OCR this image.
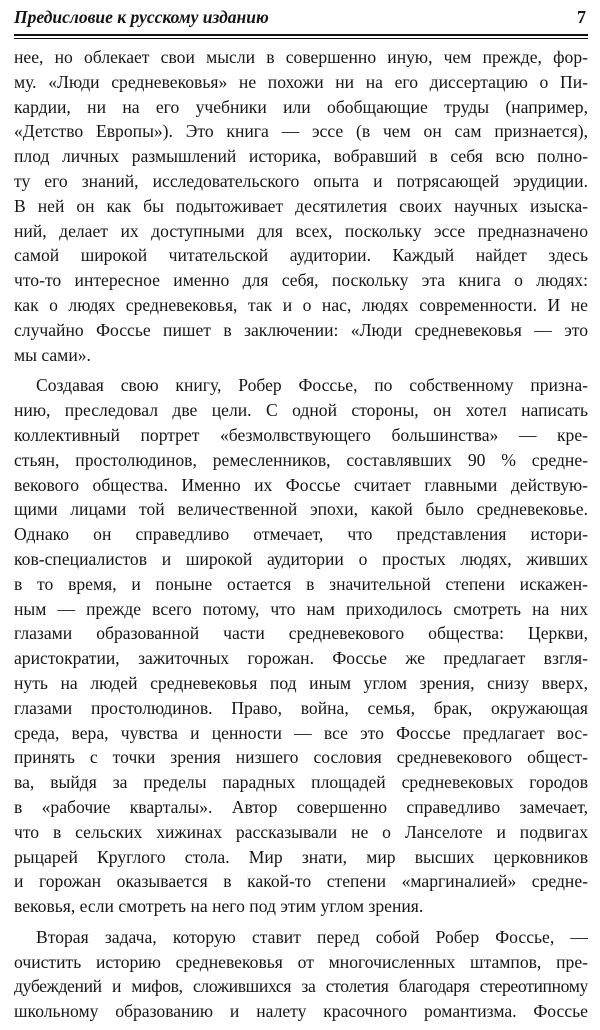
Предисловие к русскому изданию	7
нее, но облекает свои мысли в совершенно иную, чем прежде, фор-
му. «Люди средневековья» не похожи ни на его диссертацию о Пи-
кардии, ни на его учебники или обобщающие труды (например,
«Детство Европы»). Это книга — эссе (в чем он сам признается),
плод личных размышлений историка, вобравший в себя всю полно-
ту его знаний, исследовательского опыта и потрясающей эрудиции.
В ней он как бы подытоживает десятилетия своих научных изыска-
ний, делает их доступными для всех, поскольку эссе предназначено
самой широкой читательской аудитории. Каждый найдет здесь
что-то интересное именно для себя, поскольку эта книга о людях:
как о людях средневековья, так и о нас, людях современности. И не
случайно Фоссье пишет в заключении: «Люди средневековья — это
мы сами».
Создавая свою книгу, Робер Фоссье, по собственному призна-
нию, преследовал две цели. С одной стороны, он хотел написать
коллективный портрет «безмолвствующего большинства» — кре-
стьян, простолюдинов, ремесленников, составлявших 90 % средне-
векового общества. Именно их Фоссье считает главными действую-
щими лицами той величественной эпохи, какой было средневековье.
Однако он справедливо отмечает, что представления истори-
ков-специалистов и широкой аудитории о простых людях, живших
в то время, и поныне остается в значительной степени искажен-
ным — прежде всего потому, что нам приходилось смотреть на них
глазами образованной части средневекового общества: Церкви,
аристократии, зажиточных горожан. Фоссье же предлагает взгля-
нуть на людей средневековья под иным углом зрения, снизу вверх,
глазами простолюдинов. Право, война, семья, брак, окружающая
среда, вера, чувства и ценности — все это Фоссье предлагает вос-
принять с точки зрения низшего сословия средневекового общест-
ва, выйдя за пределы парадных площадей средневековых городов
в «рабочие кварталы». Автор совершенно справедливо замечает,
что в сельских хижинах рассказывали не о Ланселоте и подвигах
рыцарей Круглого стола. Мир знати, мир высших церковников
и горожан оказывается в какой-то степени «маргиналией» средне-
вековья, если смотреть на него под этим углом зрения.
Вторая задача, которую ставит перед собой Робер Фоссье, —
очистить историю средневековья от многочисленных штампов, пре-
дубеждений и мифов, сложившихся за столетия благодаря стереотипному
школьному образованию и налету красочного романтизма. Фоссье
